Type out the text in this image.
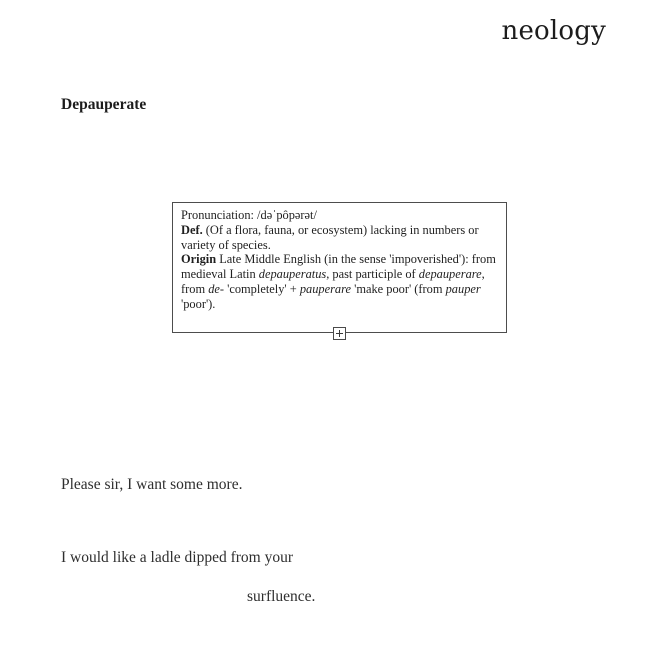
neology
Depauperate

Pronunciation: /dəˈpôpərət/

Def. (Of a flora, fauna, or ecosystem) lacking in numbers or variety of species.

Origin Late Middle English (in the sense 'impoverished'): from medieval Latin depauperatus, past participle of depauperare, from de- 'completely' + pauperare 'make poor' (from pauper 'poor').

Please sir, I want some more.
I would like a ladle dipped from your
surfluence.
